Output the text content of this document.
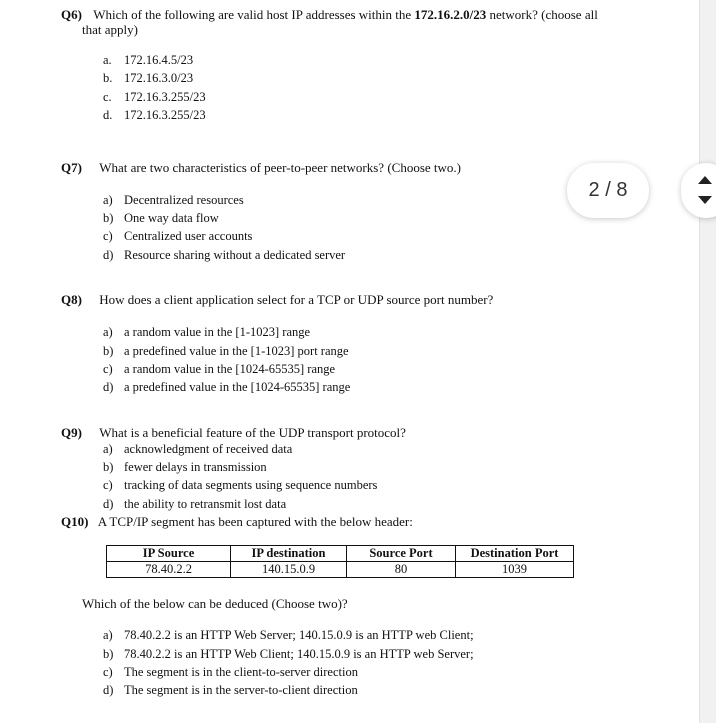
Q6) Which of the following are valid host IP addresses within the 172.16.2.0/23 network? (choose all
that apply)
a. 172.16.4.5/23
b. 172.16.3.0/23
c. 172.16.3.255/23
d. 172.16.3.255/23
Q7) What are two characteristics of peer-to-peer networks? (Choose two.)
a) Decentralized resources
b) One way data flow
c) Centralized user accounts
d) Resource sharing without a dedicated server
Q8) How does a client application select for a TCP or UDP source port number?
a) a random value in the [1-1023] range
b) a predefined value in the [1-1023] port range
c) a random value in the [1024-65535] range
d) a predefined value in the [1024-65535] range
Q9) What is a beneficial feature of the UDP transport protocol?
a) acknowledgment of received data
b) fewer delays in transmission
c) tracking of data segments using sequence numbers
d) the ability to retransmit lost data
Q10) A TCP/IP segment has been captured with the below header:
IP Source	IP destination	Source Port	Destination Port
78.40.2.2	140.15.0.9	80	1039
Which of the below can be deduced (Choose two)?
a) 78.40.2.2 is an HTTP Web Server; 140.15.0.9 is an HTTP web Client;
b) 78.40.2.2 is an HTTP Web Client; 140.15.0.9 is an HTTP web Server;
c) The segment is in the client-to-server direction
d) The segment is in the server-to-client direction
2 / 8
